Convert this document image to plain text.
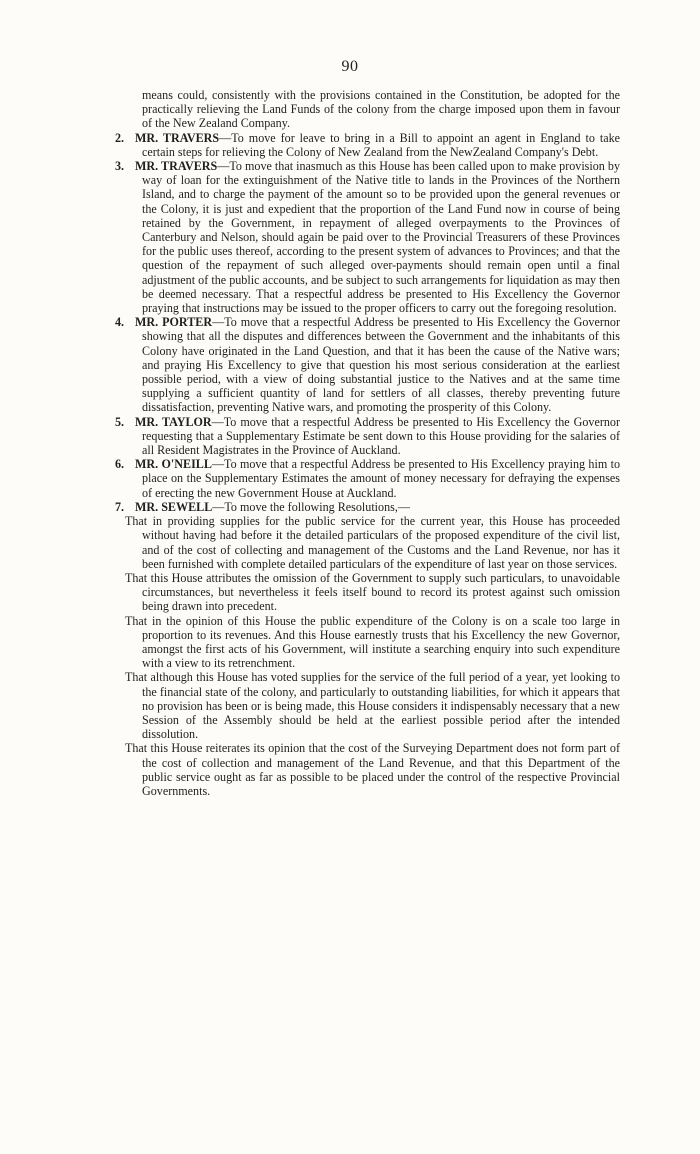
90

means could, consistently with the provisions contained in the Constitution, be adopted for the practically relieving the Land Funds of the colony from the charge imposed upon them in favour of the New Zealand Company.

2. MR. TRAVERS—To move for leave to bring in a Bill to appoint an agent in England to take certain steps for relieving the Colony of New Zealand from the NewZealand Company's Debt.

3. MR. TRAVERS—To move that inasmuch as this House has been called upon to make provision by way of loan for the extinguishment of the Native title to lands in the Provinces of the Northern Island, and to charge the payment of the amount so to be provided upon the general revenues or the Colony, it is just and expedient that the proportion of the Land Fund now in course of being retained by the Government, in repayment of alleged overpayments to the Provinces of Canterbury and Nelson, should again be paid over to the Provincial Treasurers of these Provinces for the public uses thereof, according to the present system of advances to Provinces; and that the question of the repayment of such alleged over-payments should remain open until a final adjustment of the public accounts, and be subject to such arrangements for liquidation as may then be deemed necessary. That a respectful address be presented to His Excellency the Governor praying that instructions may be issued to the proper officers to carry out the foregoing resolution.

4. MR. PORTER—To move that a respectful Address be presented to His Excellency the Governor showing that all the disputes and differences between the Government and the inhabitants of this Colony have originated in the Land Question, and that it has been the cause of the Native wars; and praying His Excellency to give that question his most serious consideration at the earliest possible period, with a view of doing substantial justice to the Natives and at the same time supplying a sufficient quantity of land for settlers of all classes, thereby preventing future dissatisfaction, preventing Native wars, and promoting the prosperity of this Colony.

5. MR. TAYLOR—To move that a respectful Address be presented to His Excellency the Governor requesting that a Supplementary Estimate be sent down to this House providing for the salaries of all Resident Magistrates in the Province of Auckland.

6. MR. O'NEILL—To move that a respectful Address be presented to His Excellency praying him to place on the Supplementary Estimates the amount of money necessary for defraying the expenses of erecting the new Government House at Auckland.

7. MR. SEWELL—To move the following Resolutions,—

That in providing supplies for the public service for the current year, this House has proceeded without having had before it the detailed particulars of the proposed expenditure of the civil list, and of the cost of collecting and management of the Customs and the Land Revenue, nor has it been furnished with complete detailed particulars of the expenditure of last year on those services.

That this House attributes the omission of the Government to supply such particulars, to unavoidable circumstances, but nevertheless it feels itself bound to record its protest against such omission being drawn into precedent.

That in the opinion of this House the public expenditure of the Colony is on a scale too large in proportion to its revenues. And this House earnestly trusts that his Excellency the new Governor, amongst the first acts of his Government, will institute a searching enquiry into such expenditure with a view to its retrenchment.

That although this House has voted supplies for the service of the full period of a year, yet looking to the financial state of the colony, and particularly to outstanding liabilities, for which it appears that no provision has been or is being made, this House considers it indispensably necessary that a new Session of the Assembly should be held at the earliest possible period after the intended dissolution.

That this House reiterates its opinion that the cost of the Surveying Department does not form part of the cost of collection and management of the Land Revenue, and that this Department of the public service ought as far as possible to be placed under the control of the respective Provincial Governments.
